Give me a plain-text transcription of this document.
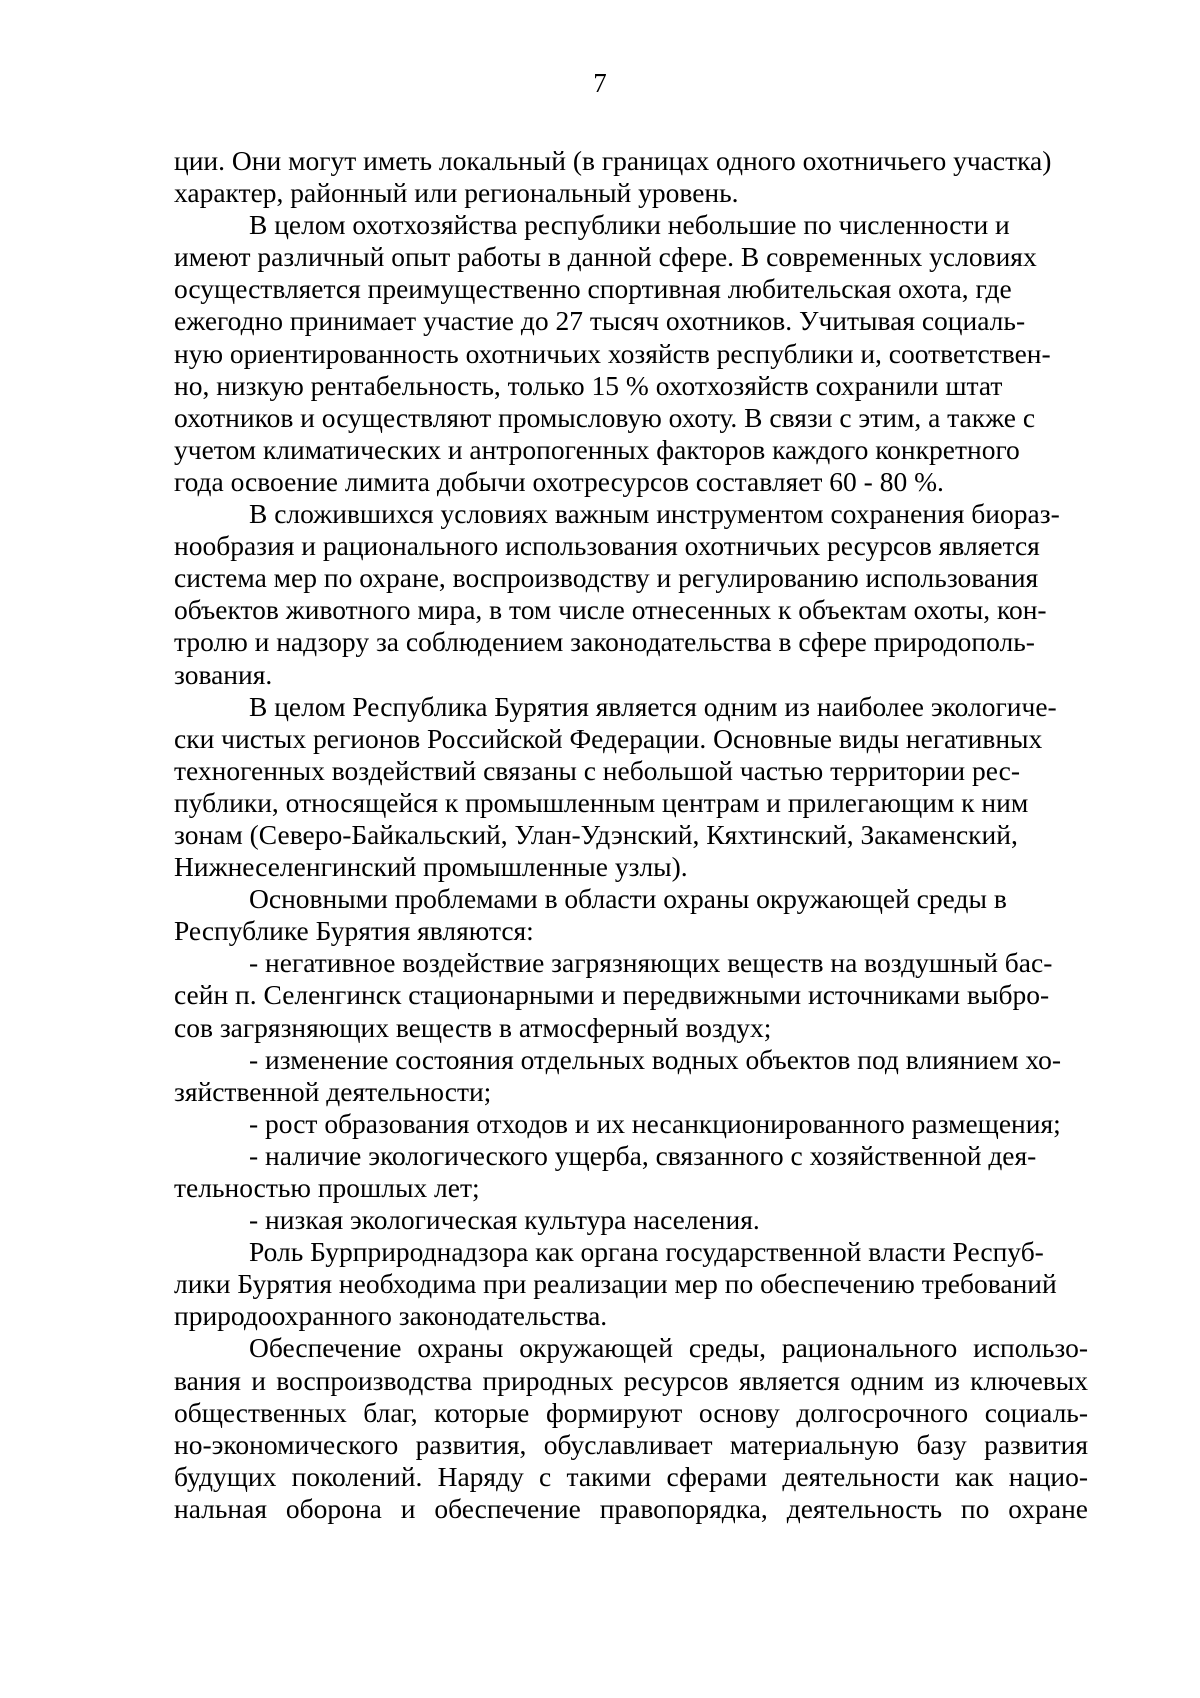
7

ции. Они могут иметь локальный (в границах одного охотничьего участка)
характер, районный или региональный уровень.

В целом охотхозяйства республики небольшие по численности и
имеют различный опыт работы в данной сфере. В современных условиях
осуществляется преимущественно спортивная любительская охота, где
ежегодно принимает участие до 27 тысяч охотников. Учитывая социаль-
ную ориентированность охотничьих хозяйств республики и, соответствен-
но, низкую рентабельность, только 15 % охотхозяйств сохранили штат
охотников и осуществляют промысловую охоту. В связи с этим, а также с
учетом климатических и антропогенных факторов каждого конкретного
года освоение лимита добычи охотресурсов составляет 60 - 80 %.

В сложившихся условиях важным инструментом сохранения биораз-
нообразия и рационального использования охотничьих ресурсов является
система мер по охране, воспроизводству и регулированию использования
объектов животного мира, в том числе отнесенных к объектам охоты, кон-
тролю и надзору за соблюдением законодательства в сфере природополь-
зования.

В целом Республика Бурятия является одним из наиболее экологиче-
ски чистых регионов Российской Федерации. Основные виды негативных
техногенных воздействий связаны с небольшой частью территории рес-
публики, относящейся к промышленным центрам и прилегающим к ним
зонам (Северо-Байкальский, Улан-Удэнский, Кяхтинский, Закаменский,
Нижнеселенгинский промышленные узлы).

Основными проблемами в области охраны окружающей среды в
Республике Бурятия являются:

- негативное воздействие загрязняющих веществ на воздушный бас-
сейн п. Селенгинск стационарными и передвижными источниками выбро-
сов загрязняющих веществ в атмосферный воздух;

- изменение состояния отдельных водных объектов под влиянием хо-
зяйственной деятельности;

- рост образования отходов и их несанкционированного размещения;

- наличие экологического ущерба, связанного с хозяйственной дея-
тельностью прошлых лет;

- низкая экологическая культура населения.

Роль Бурприроднадзора как органа государственной власти Респуб-
лики Бурятия необходима при реализации мер по обеспечению требований
природоохранного законодательства.

Обеспечение охраны окружающей среды, рационального использо-
вания и воспроизводства природных ресурсов является одним из ключевых
общественных благ, которые формируют основу долгосрочного социаль-
но-экономического развития, обуславливает материальную базу развития
будущих поколений. Наряду с такими сферами деятельности как нацио-
нальная оборона и обеспечение правопорядка, деятельность по охране
